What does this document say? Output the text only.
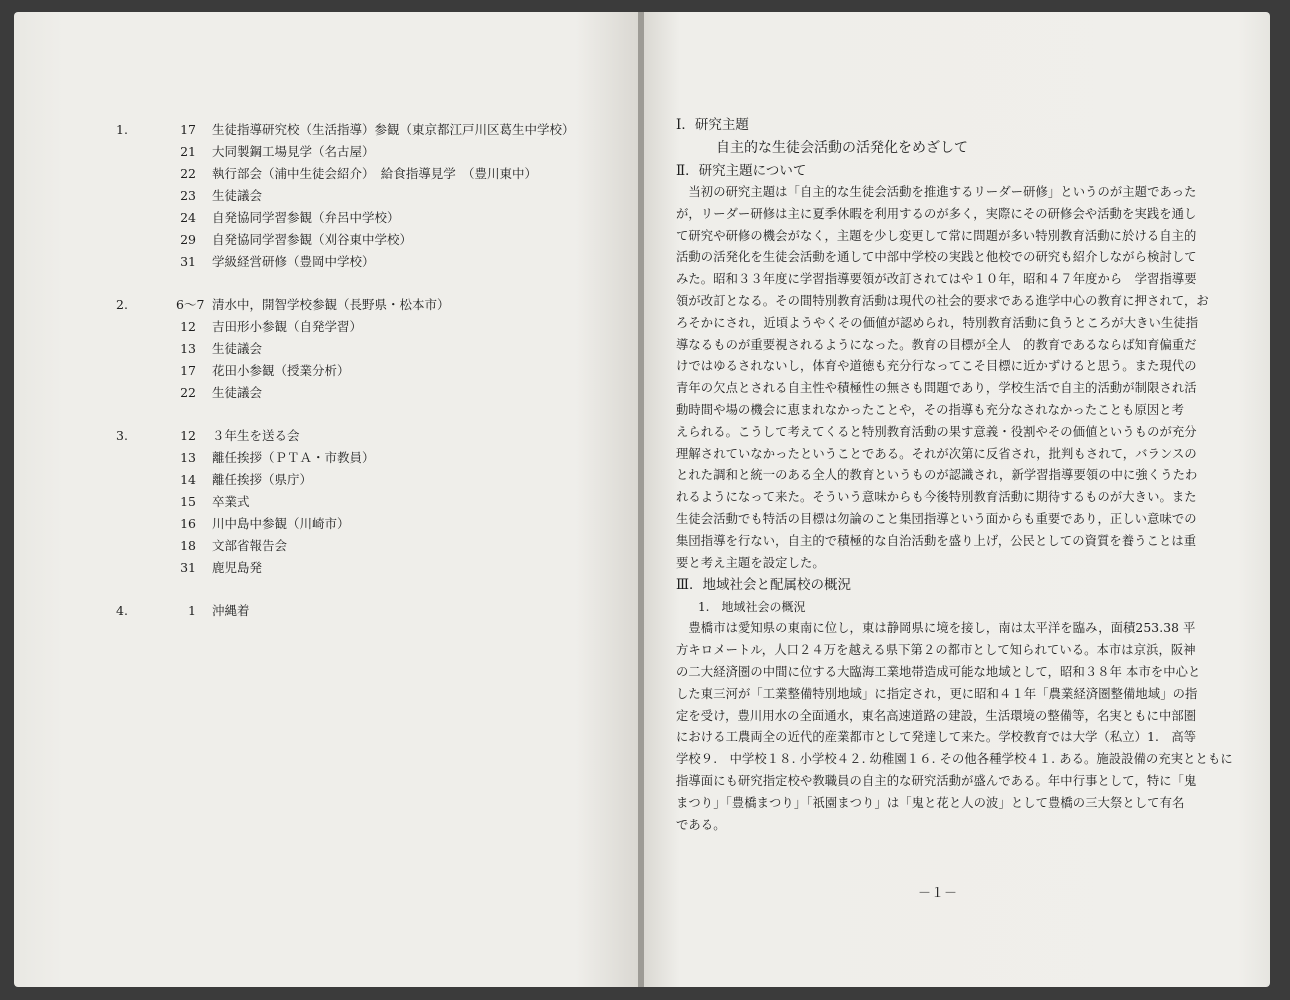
1.	17 生徒指導研究校（生活指導）参観（東京都江戸川区葛生中学校）
21 大同製鋼工場見学（名古屋）
22 執行部会（浦中生徒会紹介）　給食指導見学　（豊川東中）
23 生徒議会
24 自発協同学習参観（弁呂中学校）
29 自発協同学習参観（刈谷東中学校）
31 学級経営研修（豊岡中学校）
2.	6〜7 清水中，開智学校参観（長野県・松本市）
12 吉田形小参観（自発学習）
13 生徒議会
17 花田小参観（授業分析）
22 生徒議会
3.	12 ３年生を送る会
13 離任挨拶（ＰＴＡ・市教員）
14 離任挨拶（県庁）
15 卒業式
16 川中島中参観（川崎市）
18 文部省報告会
31 鹿児島発
4.	1 沖縄着
Ⅰ．研究主題
自主的な生徒会活動の活発化をめざして
Ⅱ．研究主題について

　当初の研究主題は「自主的な生徒会活動を推進するリーダー研修」というのが主題であった

が，リーダー研修は主に夏季休暇を利用するのが多く，実際にその研修会や活動を実践を通し

て研究や研修の機会がなく，主題を少し変更して常に問題が多い特別教育活動に於ける自主的

活動の活発化を生徒会活動を通して中部中学校の実践と他校での研究も紹介しながら検討して

みた。昭和３３年度に学習指導要領が改訂されてはや１０年，昭和４７年度から　学習指導要

領が改訂となる。その間特別教育活動は現代の社会的要求である進学中心の教育に押されて，お

ろそかにされ，近頃ようやくその価値が認められ，特別教育活動に負うところが大きい生徒指

導なるものが重要視されるようになった。教育の目標が全人　的教育であるならば知育偏重だ

けではゆるされないし，体育や道徳も充分行なってこそ目標に近かずけると思う。また現代の

青年の欠点とされる自主性や積極性の無さも問題であり，学校生活で自主的活動が制限され活

動時間や場の機会に恵まれなかったことや，その指導も充分なされなかったことも原因と考

えられる。こうして考えてくると特別教育活動の果す意義・役割やその価値というものが充分

理解されていなかったということである。それが次第に反省され，批判もされて，バランスの

とれた調和と統一のある全人的教育というものが認識され，新学習指導要領の中に強くうたわ

れるようになって来た。そういう意味からも今後特別教育活動に期待するものが大きい。また

生徒会活動でも特活の目標は勿論のこと集団指導という面からも重要であり，正しい意味での

集団指導を行ない，自主的で積極的な自治活動を盛り上げ，公民としての資質を養うことは重

要と考え主題を設定した。

Ⅲ．地域社会と配属校の概況
1.　地域社会の概況

　豊橋市は愛知県の東南に位し，東は静岡県に境を接し，南は太平洋を臨み，面積253.38 平

方キロメートル，人口２４万を越える県下第２の都市として知られている。本市は京浜，阪神

の二大経済圏の中間に位する大臨海工業地帯造成可能な地域として，昭和３８年 本市を中心と

した東三河が「工業整備特別地域」に指定され，更に昭和４１年「農業経済圏整備地域」の指

定を受け，豊川用水の全面通水，東名高速道路の建設，生活環境の整備等，名実ともに中部圏

における工農両全の近代的産業都市として発達して来た。学校教育では大学（私立）1.　高等

学校９.　中学校１８. 小学校４２. 幼稚園１６. その他各種学校４１. ある。施設設備の充実とともに

指導面にも研究指定校や教職員の自主的な研究活動が盛んである。年中行事として，特に「鬼

まつり」「豊橋まつり」「祇園まつり」は「鬼と花と人の波」として豊橋の三大祭として有名

である。

－１－
